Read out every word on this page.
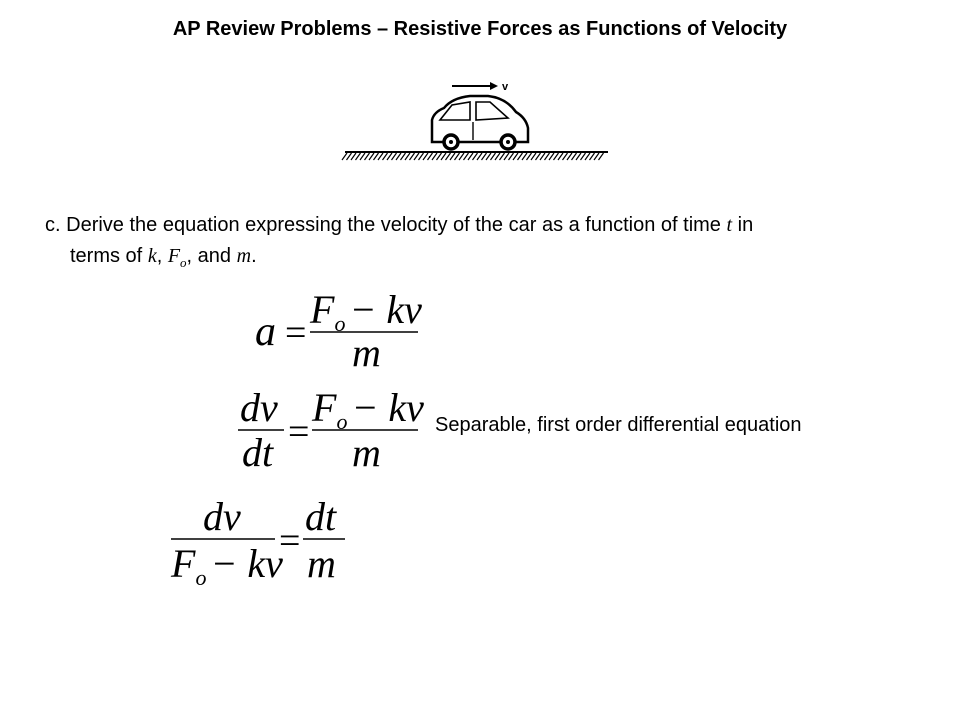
AP Review Problems – Resistive Forces as Functions of Velocity
v
c. Derive the equation expressing the velocity of the car as a function of time t in
terms of k, $F_o$, and m.
a =
$F_o$ − kv
m
dv
dt =
$F_o$ − kv
m
Separable, first order differential equation
dv
$F_o$ − kv
=
dt
m
